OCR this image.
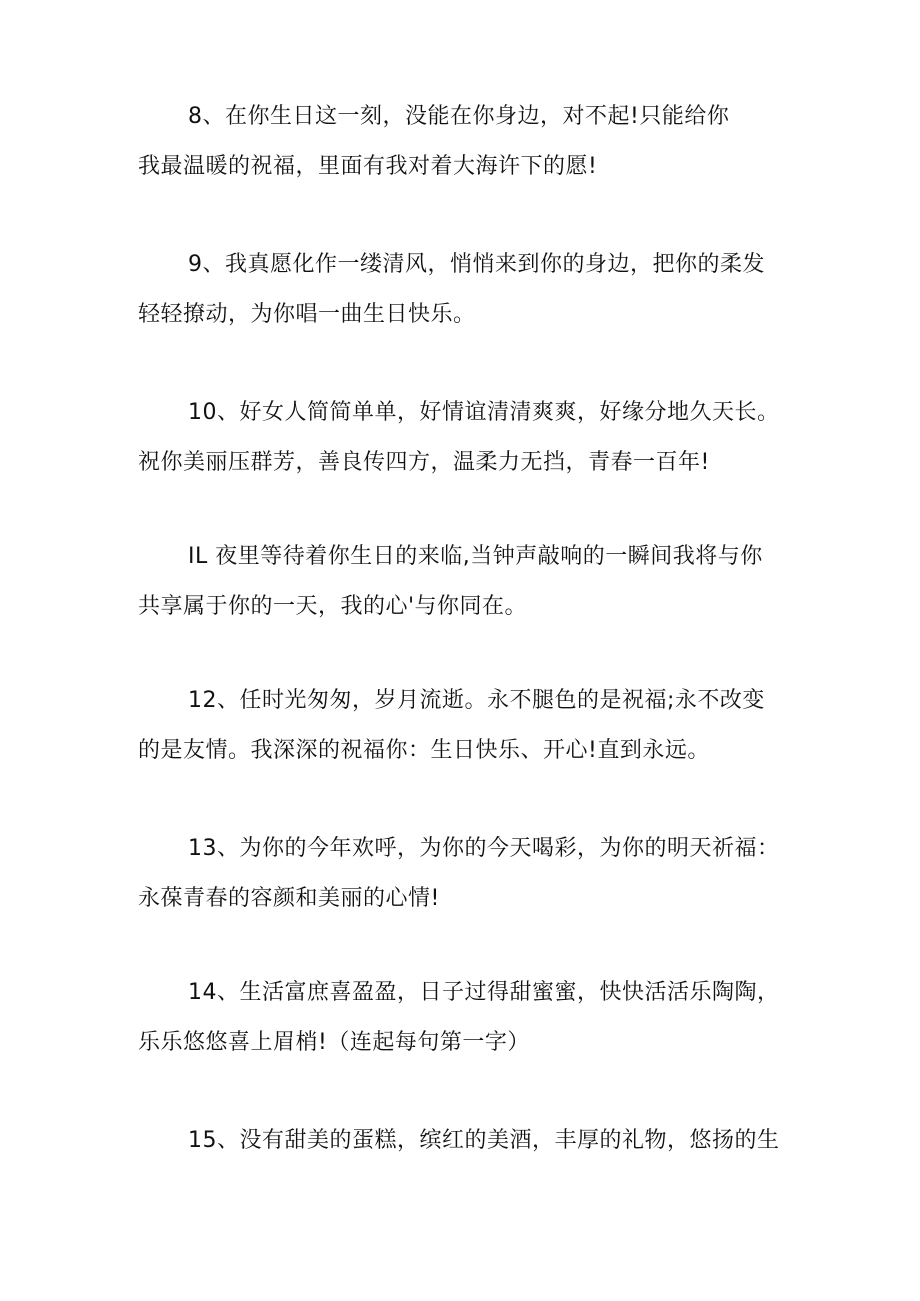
8、在你生日这一刻，没能在你身边，对不起!只能给你
我最温暖的祝福，里面有我对着大海许下的愿!
9、我真愿化作一缕清风，悄悄来到你的身边，把你的柔发
轻轻撩动，为你唱一曲生日快乐。
10、好女人简简单单，好情谊清清爽爽，好缘分地久天长。
祝你美丽压群芳，善良传四方，温柔力无挡，青春一百年!
IL 夜里等待着你生日的来临,当钟声敲响的一瞬间我将与你
共享属于你的一天，我的心'与你同在。
12、任时光匆匆，岁月流逝。永不腿色的是祝福;永不改变
的是友情。我深深的祝福你：生日快乐、开心!直到永远。
13、为你的今年欢呼，为你的今天喝彩，为你的明天祈福：
永葆青春的容颜和美丽的心情!
14、生活富庶喜盈盈，日子过得甜蜜蜜，快快活活乐陶陶，
乐乐悠悠喜上眉梢!（连起每句第一字）
15、没有甜美的蛋糕，缤红的美酒，丰厚的礼物，悠扬的生
